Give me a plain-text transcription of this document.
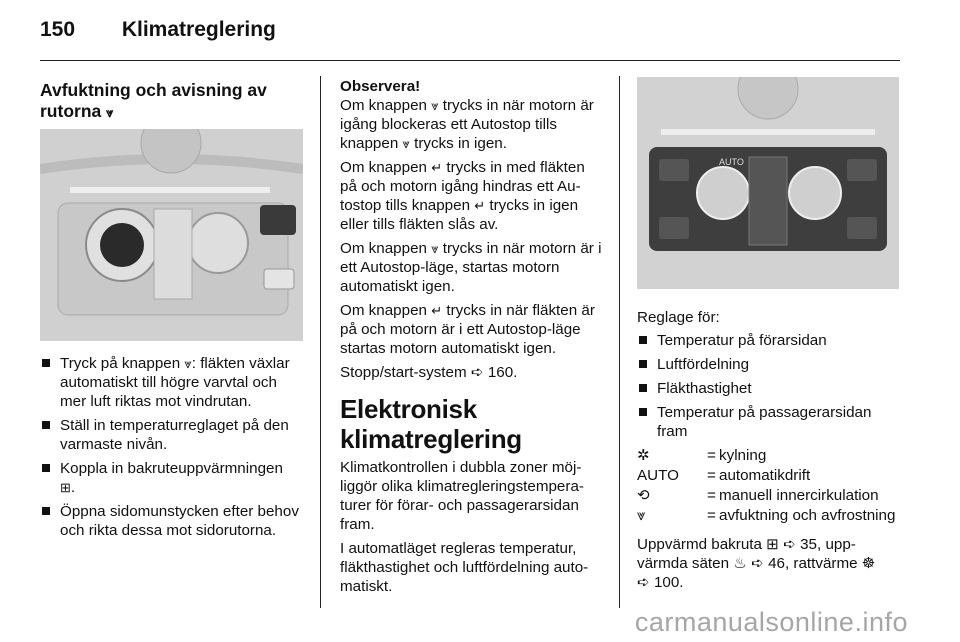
150 Klimatreglering
Avfuktning och avisning av
rutorna ⩔
Tryck på knappen ⩔: fläkten växlar automatiskt till högre varvtal och mer luft riktas mot vindrutan.
Ställ in temperaturreglaget på den varmaste nivån.
Koppla in bakruteuppvärmningen
⊞.
Öppna sidomunstycken efter behov och rikta dessa mot sidorutorna.
Observera!

Om knappen ⩔ trycks in när motorn är igång blockeras ett Autostop tills knappen ⩔ trycks in igen.

Om knappen ↵ trycks in med fläkten på och motorn igång hindras ett Autostop tills knappen ↵ trycks in igen eller tills fläkten slås av.

Om knappen ⩔ trycks in när motorn är i ett Autostop-läge, startas motorn automatiskt igen.

Om knappen ↵ trycks in när fläkten är på och motorn är i ett Autostop-läge startas motorn automatiskt igen.

Stopp/start-system ➪ 160.

Elektronisk klimatreglering

Klimatkontrollen i dubbla zoner möjliggör olika klimatregleringstemperaturer för förar- och passagerarsidan fram.

I automatläget regleras temperatur, fläkthastighet och luftfördelning automatiskt.

AUTO
Reglage för:
Temperatur på förarsidan
Luftfördelning
Fläkthastighet
Temperatur på passagerarsidan fram
✲	= kylning
AUTO	= automatikdrift
⟲	= manuell innercirkulation
⩔	= avfuktning och avfrostning

Uppvärmd bakruta ⊞ ➪ 35, uppvärmda säten ♨ ➪ 46, rattvärme ☸
➪ 100.

carmanualsonline.info
